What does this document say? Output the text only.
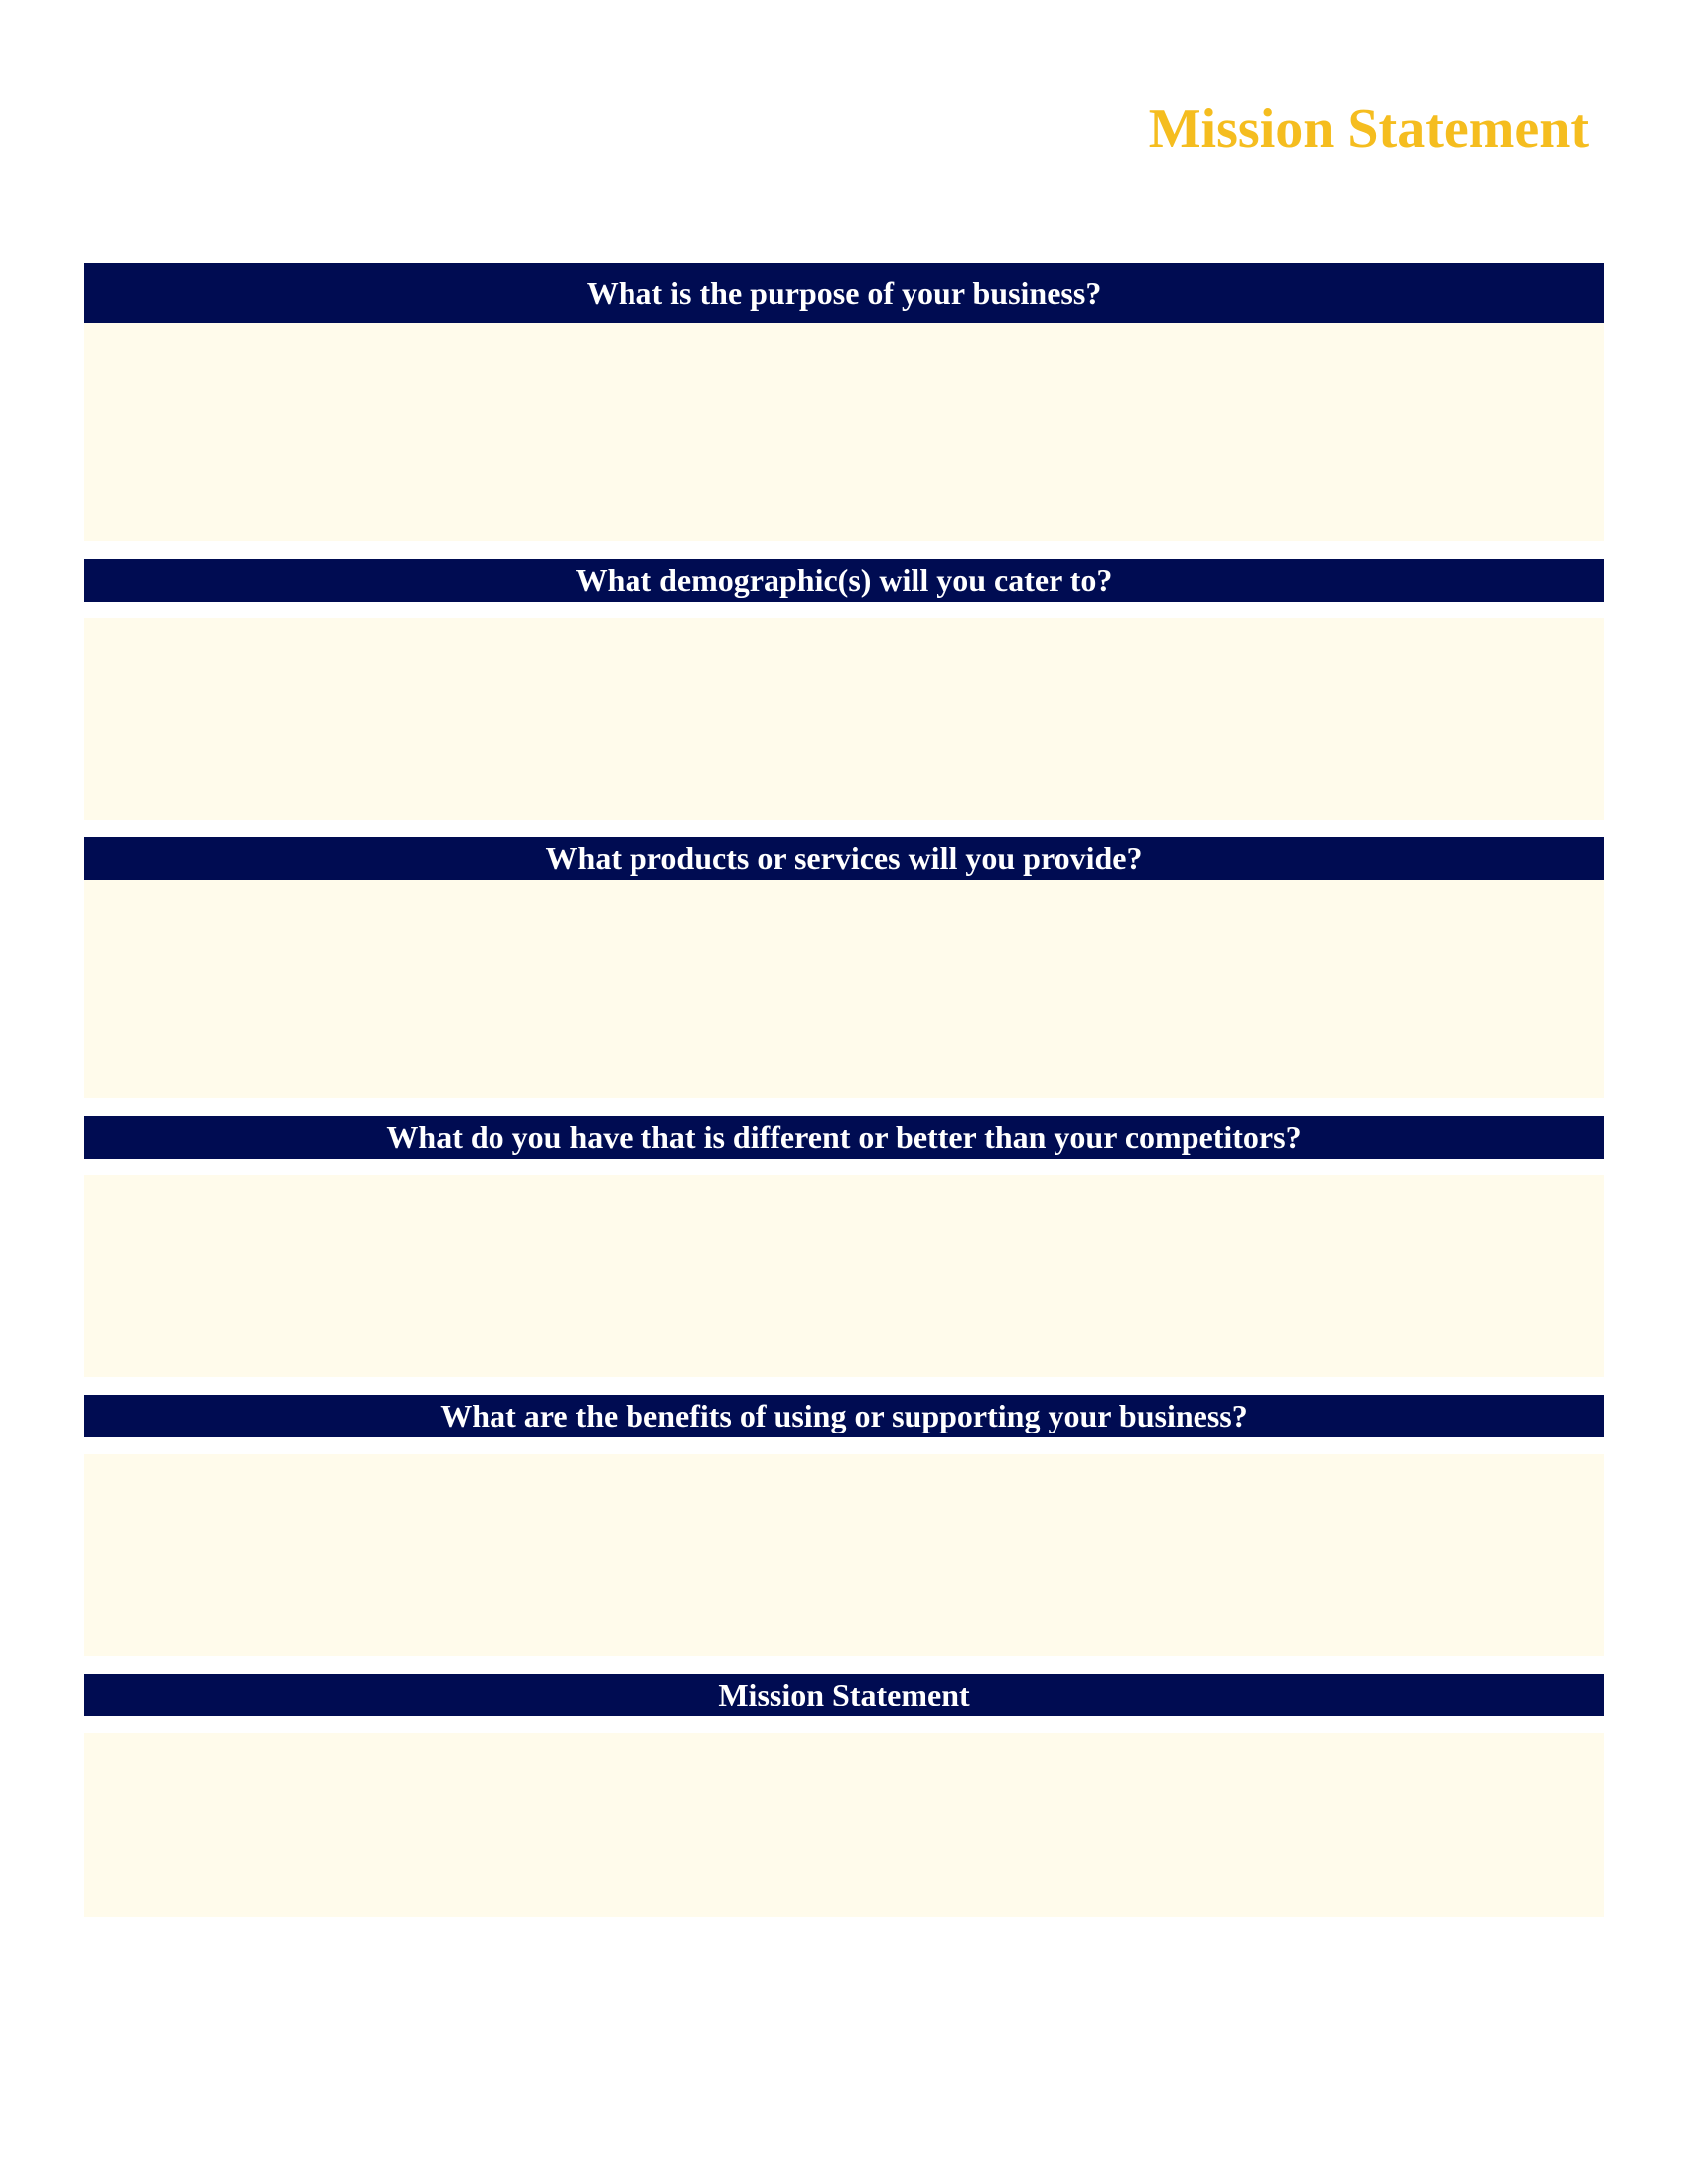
Mission Statement
What is the purpose of your business?
What demographic(s) will you cater to?
What products or services will you provide?
What do you have that is different or better than your competitors?
What are the benefits of using or supporting your business?
Mission Statement
